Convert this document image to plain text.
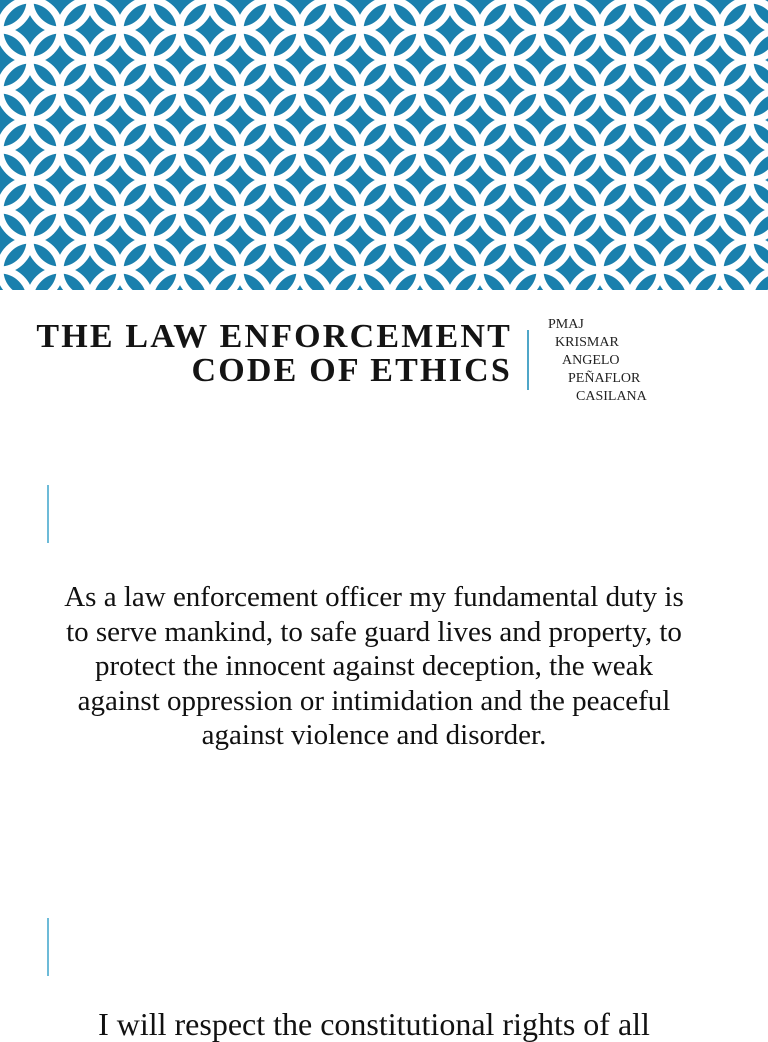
THE LAW ENFORCEMENT
CODE OF ETHICS
PMAJ
KRISMAR
ANGELO
PEÑAFLOR
CASILANA
As a law enforcement officer my fundamental duty is to serve mankind, to safe guard lives and property, to protect the innocent against deception, the weak against oppression or intimidation and the peaceful against violence and disorder.
I will respect the constitutional rights of all
